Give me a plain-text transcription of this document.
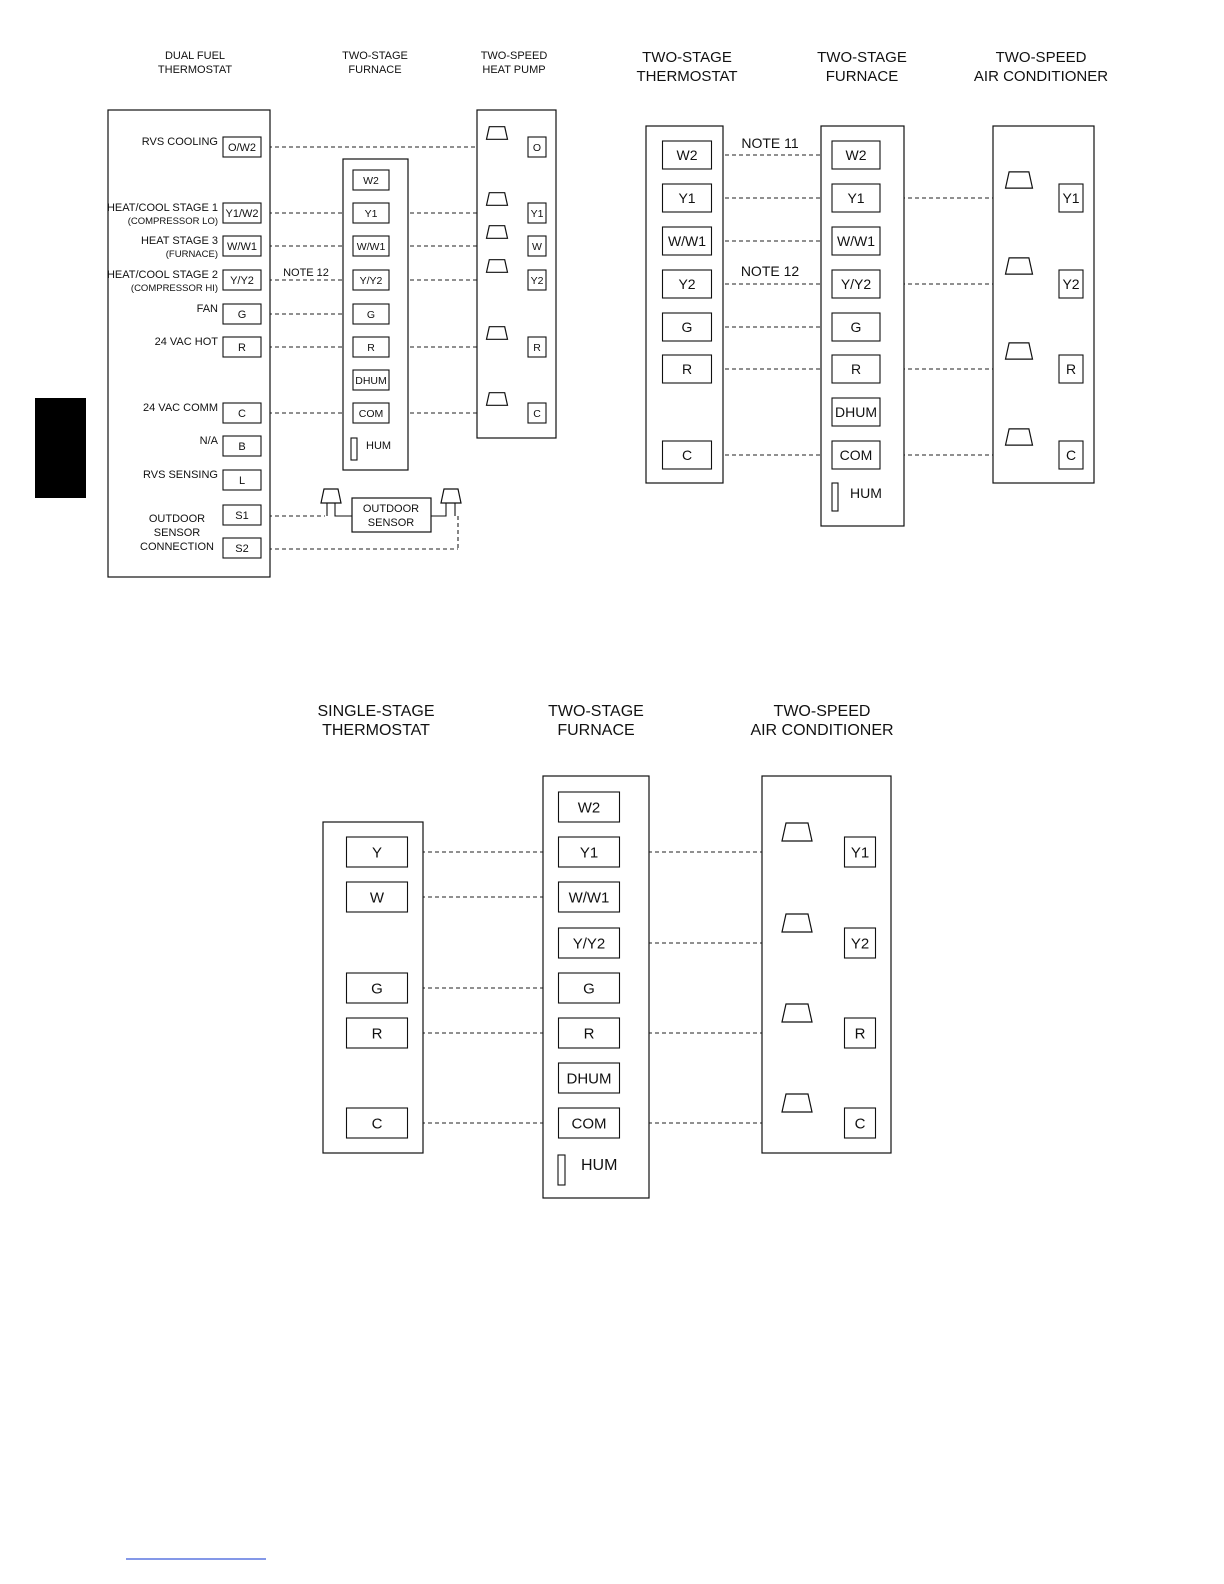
DUAL FUEL
THERMOSTAT
TWO-STAGE
FURNACE
TWO-SPEED
HEAT PUMP
O/W2
RVS COOLING
Y1/W2
HEAT/COOL STAGE 1
(COMPRESSOR LO)
W/W1
HEAT STAGE 3
(FURNACE)
Y/Y2
HEAT/COOL STAGE 2
(COMPRESSOR HI)
G
FAN
R
24 VAC HOT
C
24 VAC COMM
B
N/A
L
RVS SENSING
S1
S2
OUTDOOR
SENSOR
CONNECTION
W2
Y1
W/W1
Y/Y2
G
R
DHUM
COM
HUM
O
Y1
W
Y2
R
C
NOTE 12
OUTDOOR
SENSOR
TWO-STAGE
THERMOSTAT
TWO-STAGE
FURNACE
TWO-SPEED
AIR CONDITIONER
W2
Y1
W/W1
Y2
G
R
C
W2
Y1
W/W1
Y/Y2
G
R
DHUM
COM
HUM
Y1
Y2
R
C
NOTE 11
NOTE 12
SINGLE-STAGE
THERMOSTAT
TWO-STAGE
FURNACE
TWO-SPEED
AIR CONDITIONER
Y
W
G
R
C
W2
Y1
W/W1
Y/Y2
G
R
DHUM
COM
HUM
Y1
Y2
R
C
